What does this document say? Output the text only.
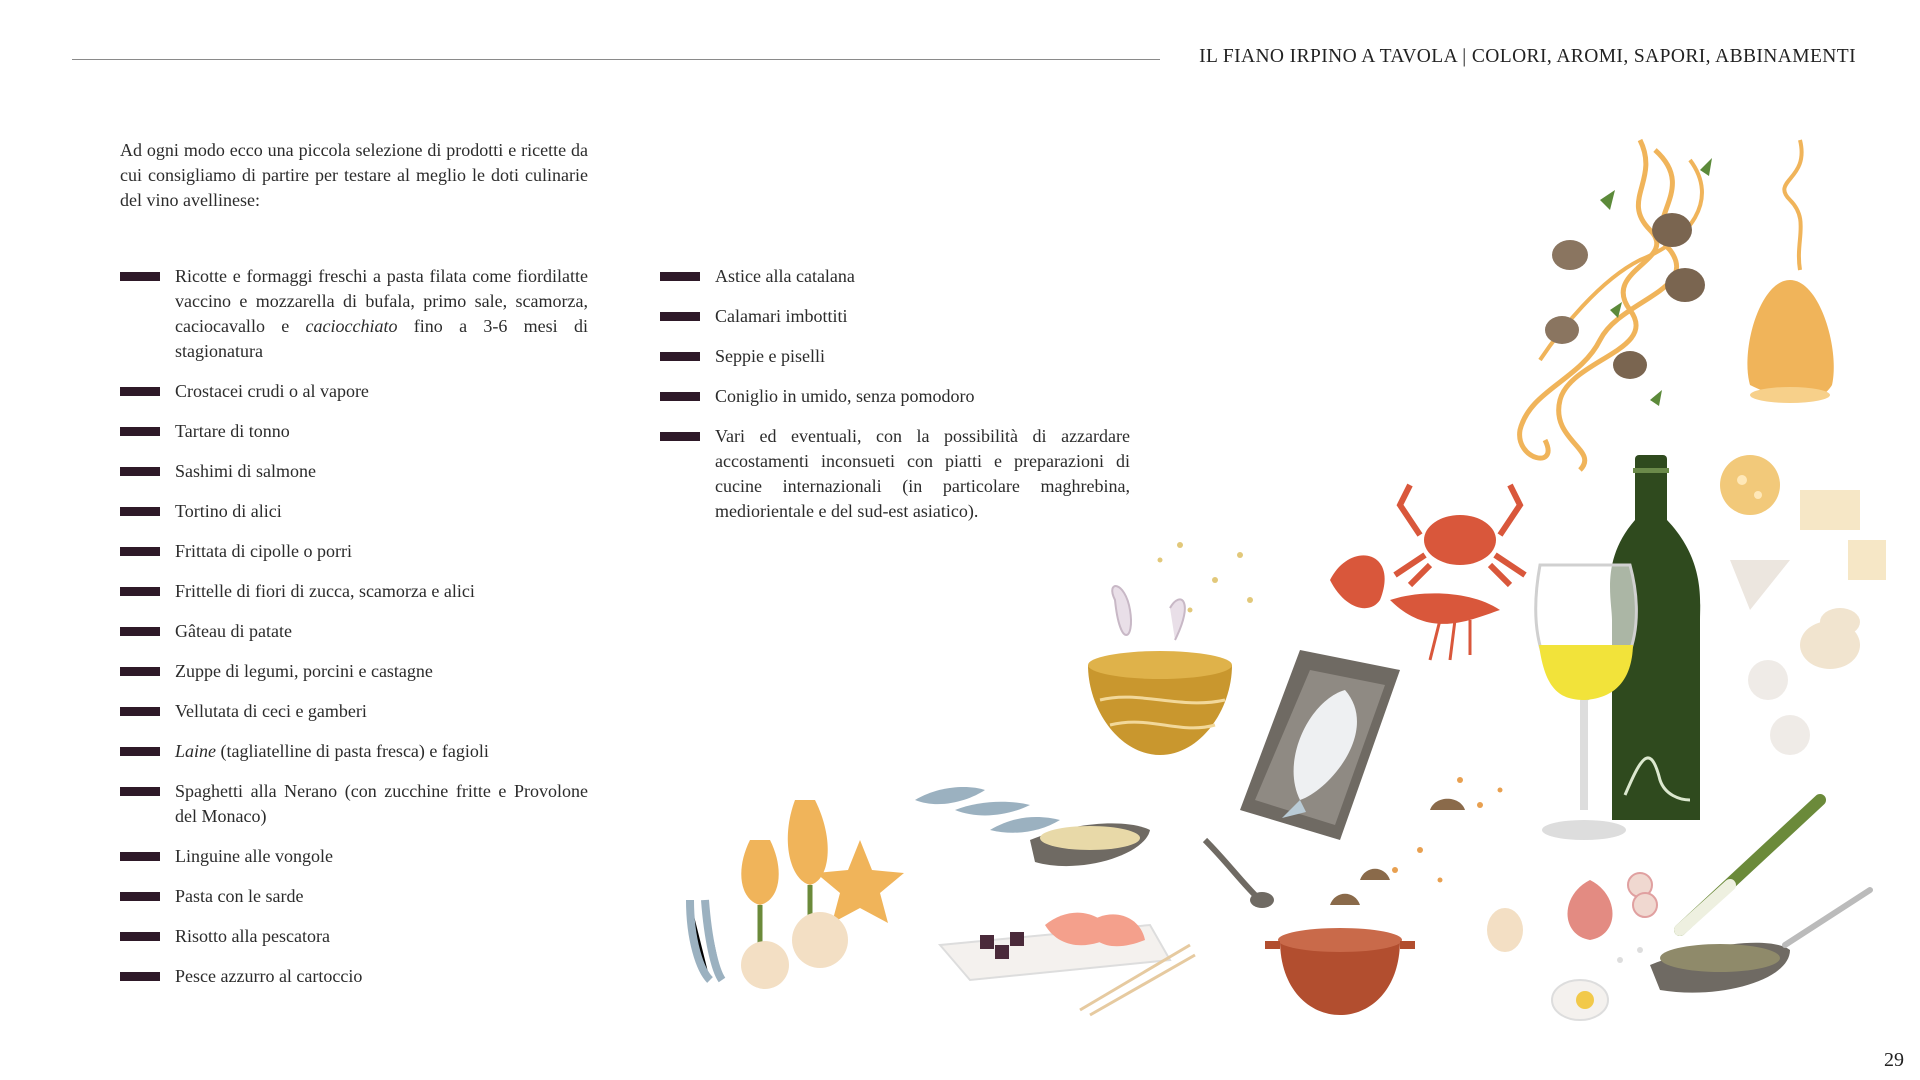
IL FIANO IRPINO A TAVOLA | COLORI, AROMI, SAPORI, ABBINAMENTI

Ad ogni modo ecco una piccola selezione di prodotti e ricette da cui consigliamo di partire per testare al meglio le doti culinarie del vino avellinese:

Ricotte e formaggi freschi a pasta filata come fiordilatte vaccino e mozzarella di bufala, primo sale, scamorza, caciocavallo e caciocchiato fino a 3-6 mesi di stagionatura
Crostacei crudi o al vapore
Tartare di tonno
Sashimi di salmone
Tortino di alici
Frittata di cipolle o porri
Frittelle di fiori di zucca, scamorza e alici
Gâteau di patate
Zuppe di legumi, porcini e castagne
Vellutata di ceci e gamberi
Laine (tagliatelline di pasta fresca) e fagioli
Spaghetti alla Nerano (con zucchine fritte e Provolone del Monaco)
Linguine alle vongole
Pasta con le sarde
Risotto alla pescatora
Pesce azzurro al cartoccio
Astice alla catalana
Calamari imbottiti
Seppie e piselli
Coniglio in umido, senza pomodoro
Vari ed eventuali, con la possibilità di azzardare accostamenti inconsueti con piatti e preparazioni di cucine internazionali (in particolare maghrebina, mediorientale e del sud-est asiatico).
29
